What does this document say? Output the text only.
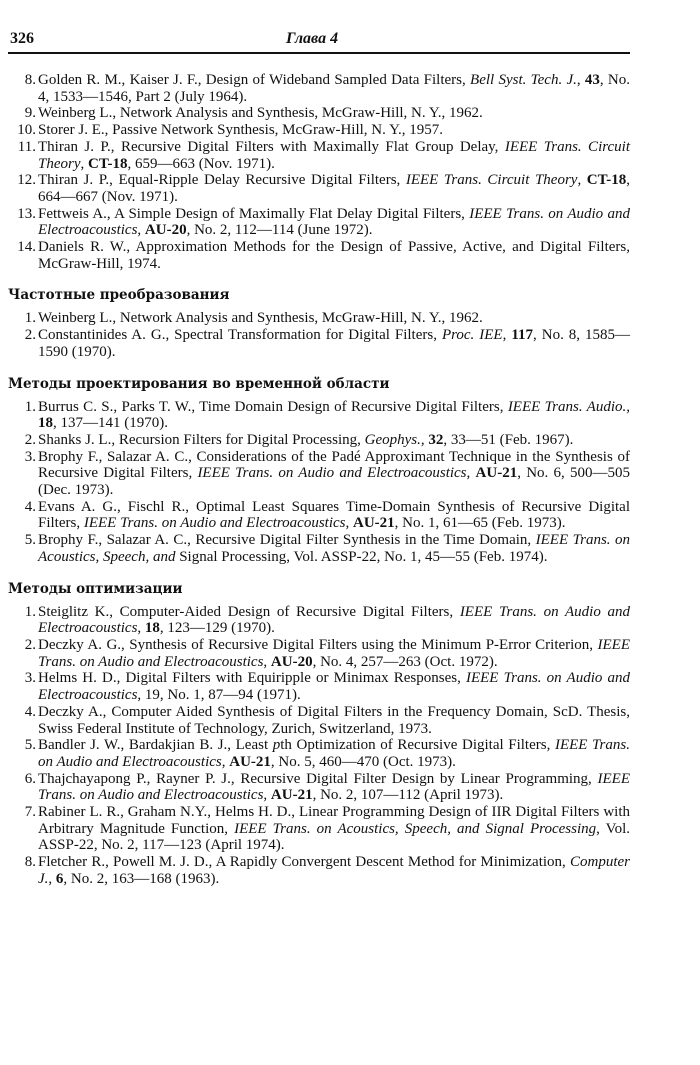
326	Глава 4
8. Golden R. M., Kaiser J. F., Design of Wideband Sampled Data Filters, Bell Syst. Tech. J., 43, No. 4, 1533—1546, Part 2 (July 1964).
9. Weinberg L., Network Analysis and Synthesis, McGraw-Hill, N. Y., 1962.
10. Storer J. E., Passive Network Synthesis, McGraw-Hill, N. Y., 1957.
11. Thiran J. P., Recursive Digital Filters with Maximally Flat Group Delay, IEEE Trans. Circuit Theory, CT-18, 659—663 (Nov. 1971).
12. Thiran J. P., Equal-Ripple Delay Recursive Digital Filters, IEEE Trans. Circuit Theory, CT-18, 664—667 (Nov. 1971).
13. Fettweis A., A Simple Design of Maximally Flat Delay Digital Filters, IEEE Trans. on Audio and Electroacoustics, AU-20, No. 2, 112—114 (June 1972).
14. Daniels R. W., Approximation Methods for the Design of Passive, Active, and Digital Filters, McGraw-Hill, 1974.
Частотные преобразования
1. Weinberg L., Network Analysis and Synthesis, McGraw-Hill, N. Y., 1962.
2. Constantinides A. G., Spectral Transformation for Digital Filters, Proc. IEE, 117, No. 8, 1585—1590 (1970).
Методы проектирования во временной области
1. Burrus C. S., Parks T. W., Time Domain Design of Recursive Digital Filters, IEEE Trans. Audio., 18, 137—141 (1970).
2. Shanks J. L., Recursion Filters for Digital Processing, Geophys., 32, 33—51 (Feb. 1967).
3. Brophy F., Salazar A. C., Considerations of the Padé Approximant Technique in the Synthesis of Recursive Digital Filters, IEEE Trans. on Audio and Electroacoustics, AU-21, No. 6, 500—505 (Dec. 1973).
4. Evans A. G., Fischl R., Optimal Least Squares Time-Domain Synthesis of Recursive Digital Filters, IEEE Trans. on Audio and Electroacoustics, AU-21, No. 1, 61—65 (Feb. 1973).
5. Brophy F., Salazar A. C., Recursive Digital Filter Synthesis in the Time Domain, IEEE Trans. on Acoustics, Speech, and Signal Processing, Vol. ASSP-22, No. 1, 45—55 (Feb. 1974).
Методы оптимизации
1. Steiglitz K., Computer-Aided Design of Recursive Digital Filters, IEEE Trans. on Audio and Electroacoustics, 18, 123—129 (1970).
2. Deczky A. G., Synthesis of Recursive Digital Filters using the Minimum P-Error Criterion, IEEE Trans. on Audio and Electroacoustics, AU-20, No. 4, 257—263 (Oct. 1972).
3. Helms H. D., Digital Filters with Equiripple or Minimax Responses, IEEE Trans. on Audio and Electroacoustics, 19, No. 1, 87—94 (1971).
4. Deczky A., Computer Aided Synthesis of Digital Filters in the Frequency Domain, ScD. Thesis, Swiss Federal Institute of Technology, Zurich, Switzerland, 1973.
5. Bandler J. W., Bardakjian B. J., Least pth Optimization of Recursive Digital Filters, IEEE Trans. on Audio and Electroacoustics, AU-21, No. 5, 460—470 (Oct. 1973).
6. Thajchayapong P., Rayner P. J., Recursive Digital Filter Design by Linear Programming, IEEE Trans. on Audio and Electroacoustics, AU-21, No. 2, 107—112 (April 1973).
7. Rabiner L. R., Graham N.Y., Helms H. D., Linear Programming Design of IIR Digital Filters with Arbitrary Magnitude Function, IEEE Trans. on Acoustics, Speech, and Signal Processing, Vol. ASSP-22, No. 2, 117—123 (April 1974).
8. Fletcher R., Powell M. J. D., A Rapidly Convergent Descent Method for Minimization, Computer J., 6, No. 2, 163—168 (1963).
